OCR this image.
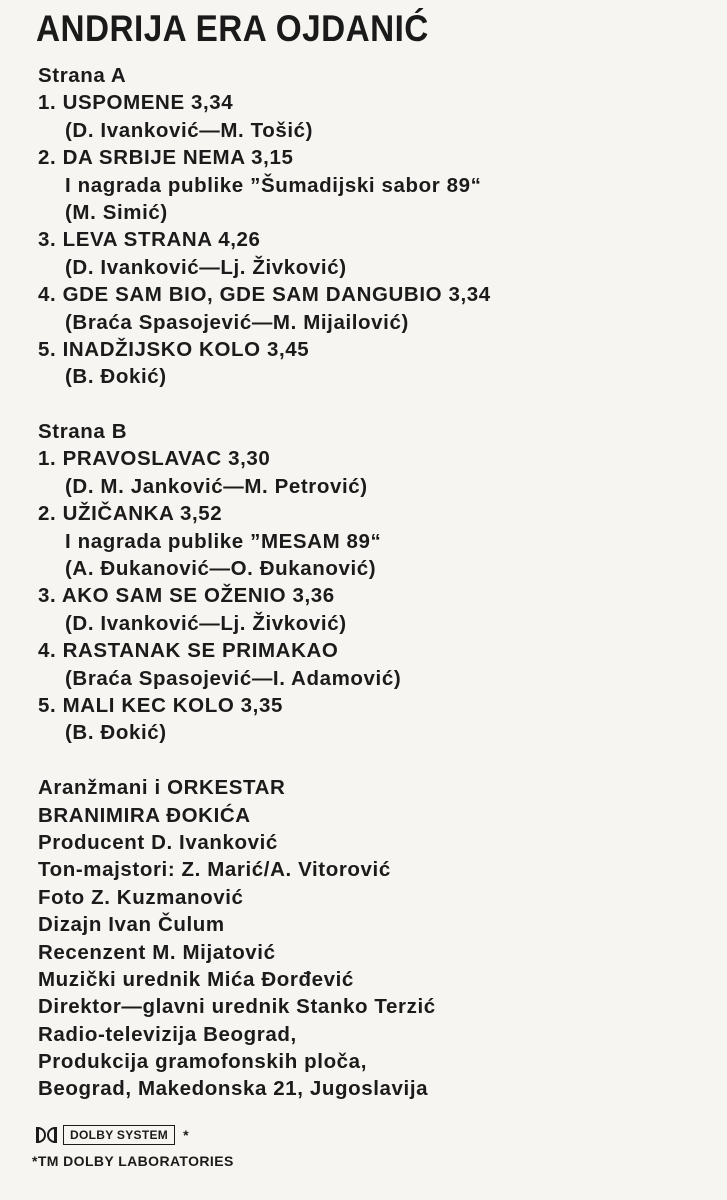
ANDRIJA ERA OJDANIĆ
Strana A
1. USPOMENE 3,34
(D. Ivanković—M. Tošić)
2. DA SRBIJE NEMA 3,15
I nagrada publike ”Šumadijski sabor 89“
(M. Simić)
3. LEVA STRANA 4,26
(D. Ivanković—Lj. Živković)
4. GDE SAM BIO, GDE SAM DANGUBIO 3,34
(Braća Spasojević—M. Mijailović)
5. INADŽIJSKO KOLO 3,45
(B. Đokić)
Strana B
1. PRAVOSLAVAC 3,30
(D. M. Janković—M. Petrović)
2. UŽIČANKA 3,52
I nagrada publike ”MESAM 89“
(A. Đukanović—O. Đukanović)
3. AKO SAM SE OŽENIO 3,36
(D. Ivanković—Lj. Živković)
4. RASTANAK SE PRIMAKAO
(Braća Spasojević—I. Adamović)
5. MALI KEC KOLO 3,35
(B. Đokić)
Aranžmani i ORKESTAR
BRANIMIRA ĐOKIĆA
Producent D. Ivanković
Ton-majstori: Z. Marić/A. Vitorović
Foto Z. Kuzmanović
Dizajn Ivan Čulum
Recenzent M. Mijatović
Muzički urednik Mića Đorđević
Direktor—glavni urednik Stanko Terzić
Radio-televizija Beograd,
Produkcija gramofonskih ploča,
Beograd, Makedonska 21, Jugoslavija
DOLBY SYSTEM	*
*TM DOLBY LABORATORIES
